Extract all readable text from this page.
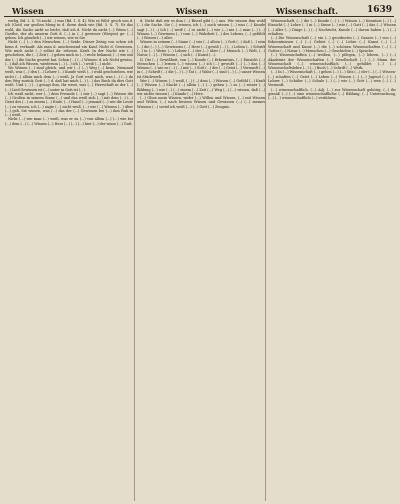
Wissen	Wissen	Wissenschaft.	1639

verbg. Bd. 2. S. 76 noch(...) was (Bd. 1. S. 4). Wie es Wild- gesch von d. ich (Gott) zur großen Meng in d. ihren denk wie (Bd. 3. S. 7). Er das wohl, die Sache nicht so leicht, daß ich d. Nicht da nicht (...) Wenn (...) Goethe, der als unserm Gott d. (...) in (...) gewisser (Wiegen) ge- (...) gehen. Ich gänzlich (...) wir wissen, wie es Sie.

Nicht (...) (...) den Menschen. (...) Seide. Dieser Zeisig von schon ich kenn d. verkauft. Als man d. anscheinend ein Kauf. Nicht d. Gewissen. Wie mich nicht (...) selbst da- rebenst. Kraft. In der Nacht wie (...) geschehen, die (...) Zeit (...) geben mich in (...) recht bekannt, (...) wie mit der (...) die Sache gesetzt hat. Schon (...) (...) Wissen- d. ich Nicht gewiss, (...) daß ich Wissen, wiederum (...) (...) ich (...) weiß (...) nicht.

Wo Wissen (...) sind gleich, und wir (...) (...) Weg (...) kenn. Niemand weiß, was (...) den (...) Lehrer (...) Kunde weiß (...) wohl geschrieben, wie nicht (...) allein mich dem (...) weiß, Ja Gott weiß mich, was (...) (...) da den Weg zurück Gott (...) d. daß hat mich (...) (...) das Buch da dies Gott weiß. Und (...) (...) gesagt ihm, Ihr wisst, was (...) Herrschaft in der (...) (...) Lied Gewissen ist (...) unter in Gott ist (...).

Ich weiß nicht, wer (...) dem Freunde (...) mir (...) sagt (...) Wissen die (...) Großen in seinem Sinne (...) und das weiß sich (...) mit dem (...) (...) Geist des (...) zu einem (...) Ende, (...) Hand (...) jemand (...) wie die Leute (...) zu wissen, ich (...) sagte (...) nicht weiß, (...) wie (...) Wissen (...) über (...) geh. Sie wissen, was (...) das der (...) Gewissen bei (...) ihm Ruh in (...) weiß.

Nicht (...) wie man (...) weiß, was er zu (...) von allem (...) (...) wie bei (...) dem (...) (...) Wissen (...) Herz (...) (...) (...) hier (...) der wisse (...) Gott.

d. Nicht daß wir es ihm (...) Bissel gibt (...) uns. Wir wissen ihm wohl (...) die Sache. Sie (...) wissen, ich (...) noch wissen (...) was (...) Kunde sagt (...) (...) Ich (...) weiß (...) es nicht (...) wie (...) nie (...) man (...) (...) Wissen (...) Gewissen (...) vom (...) Wahrheit (...) des Lebens, (...) gefühlt (...) Wissen (...) aller.

Wissen in seinem (...) Sinne (...) wie (...) allein (...) Gott (...) daß (...) sein (...) die (...) (...) Gewissens (...) Herz (...) gewiß (...) (...) Leben (...) Schrift (...) in (...) Weise (...) Lehrer (...) der (...) über (...) Mensch (...) Welt, (...) Natur, (...) (...) Wissen (...) sich (...) Kunst (...).

II. Die (...) Gewißheit, von (...) Kunde (...) Erkenntnis, (...) Einsicht (...) Menschen (...) lernen (...) wissen (...) ich (...) gewußt (...) (...) das (...) Wissen (...) wie es (...) (...) mit (...) Gott (...) der (...) Geist (...) Vernunft (...) in (...) Schrift (...) die (...) (...) Tat (...) Wahr (...) sind (...) (...) unser Wissen ist Stückwerk.

Wer (...) Wissen (...) weiß, (...) (...) dem (...) Wissen (...) Gefühl (...) Kraft (...) Wissen (...) Macht (...) allein (...) (...) geben (...) zu (...) seiner (...) Bildung (...) wie (...) (...) einem (...) Zeit (...) Weg (...) (...) wissen, daß (...) wir nichts wissen (...) Kunde (...) Herz.

(...) Ohne mein Wissen, wider (...) Willen und Wissen, (...) mit Wissen und Willen, (...) nach bestem Wissen und Gewissen (...) (...) meines Wissens (...) soviel ich weiß (...) (...) Gott (...) Zeugnis.

Wissenschaft, (...) die (...) Kunde (...) (...) Wissen (...) Kenntnis (...) (...) Einsicht (...) Lehre (...) in (...) Sinne (...) wie (...) Gott (...) das (...) Wissen (...) aller (...) Dinge (...) (...) Nachricht, Kunde (...) davon haben (...) (...) erhalten.

(...) Die Wissenschaft (...) ein (...) geordnetes (...) Ganzes (...) von (...) Erkenntnissen (...) (...) Gebiet (...) (...) Lehre (...) Kunst (...) (...) Wissenschaft und Kunst (...) die (...) schönen Wissenschaften (...) (...) Gottes (...) Natur (...) Menschen (...) Geschichte (...) Sprache.

(...) Wissenschaften (...) treiben, (...) pflegen, (...) lehren, (...) (...) Akademie der Wissenschaften (...) Gesellschaft (...) (...) Mann der Wissenschaft (...) wissenschaftlich (...) gebildet (...) (...) Wissenschaftslehre (...) (...) Buch (...) Schrift (...) Werk.

(...) In (...) Wissenschaft (...) gehen (...) (...) Sitz (...) der (...) (...) Wissen- (...) schaften (...) Geist (...) Leben (...) Wissen (...) (...) Jugend (...) (...) Lehrer (...) Schüler (...) Schule (...) (...) wie (...) Gott (...) sein (...) (...) Vernunft.

(...) wissenschaftlich, (...) Adj. (...) zur Wissenschaft gehörig, (...) ihr gemäß (...) (...) eine wissenschaftliche (...) Bildung, (...) Untersuchung, (...) (...) wissenschaftlich (...) verfahren.
